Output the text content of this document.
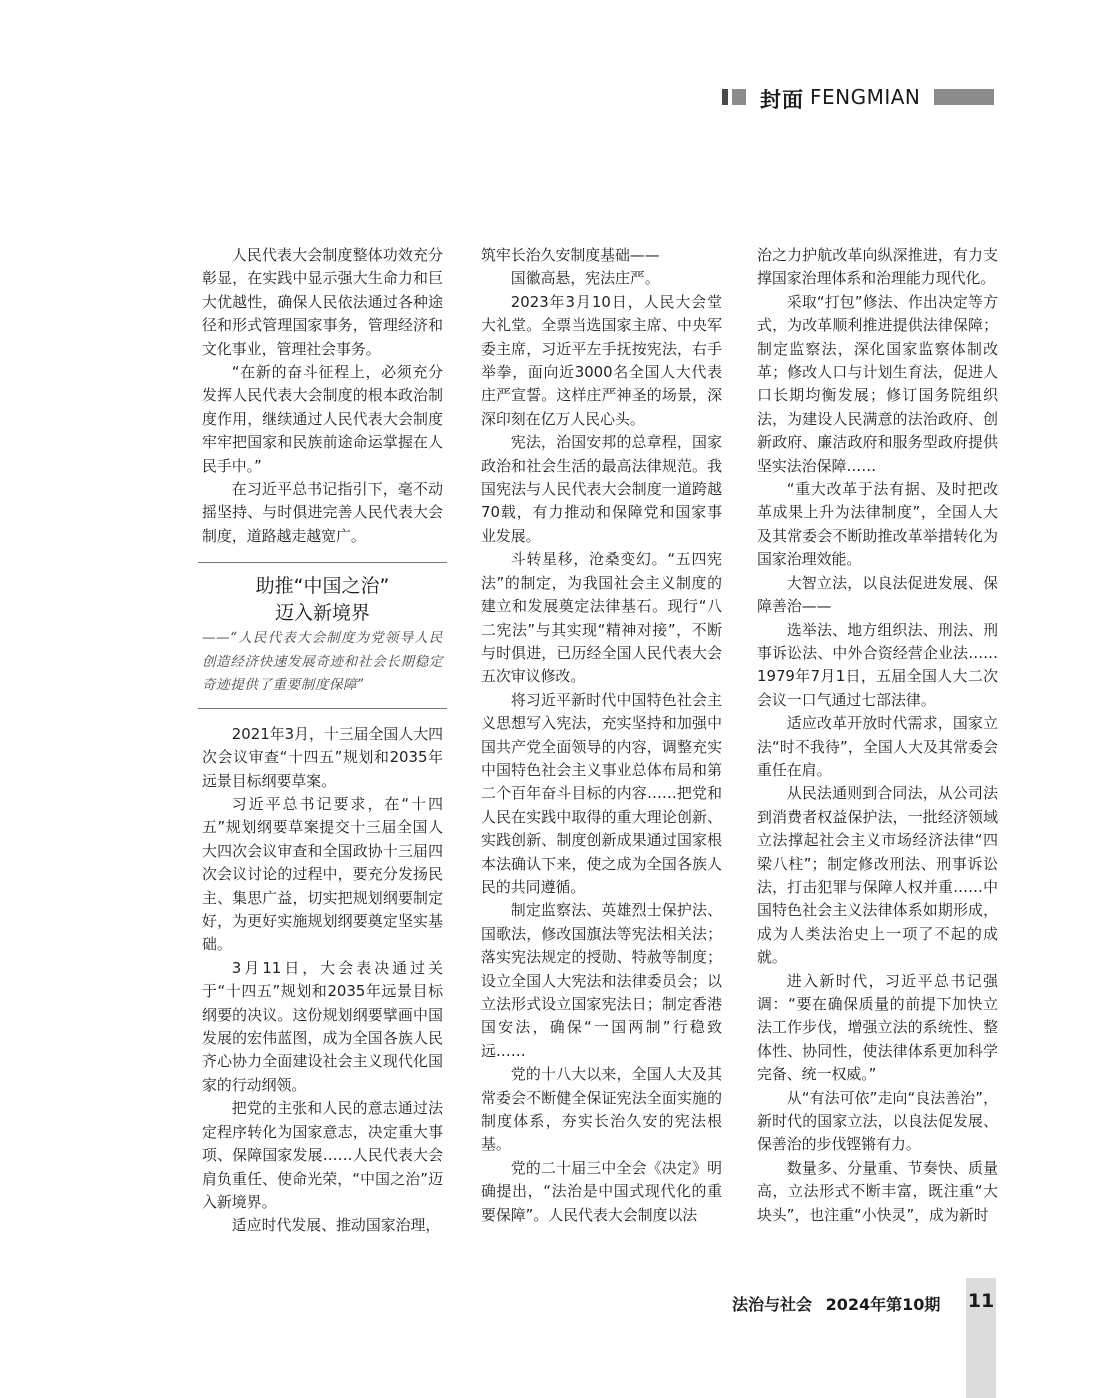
封面 FENGMIAN

人民代表大会制度整体功效充分彰显，在实践中显示强大生命力和巨大优越性，确保人民依法通过各种途径和形式管理国家事务，管理经济和文化事业，管理社会事务。

“在新的奋斗征程上，必须充分发挥人民代表大会制度的根本政治制度作用，继续通过人民代表大会制度牢牢把国家和民族前途命运掌握在人民手中。”

在习近平总书记指引下，毫不动摇坚持、与时俱进完善人民代表大会制度，道路越走越宽广。

助推“中国之治”
迈入新境界
——“人民代表大会制度为党领导人民创造经济快速发展奇迹和社会长期稳定奇迹提供了重要制度保障”

2021年3月，十三届全国人大四次会议审查“十四五”规划和2035年远景目标纲要草案。

习近平总书记要求，在“十四五”规划纲要草案提交十三届全国人大四次会议审查和全国政协十三届四次会议讨论的过程中，要充分发扬民主、集思广益，切实把规划纲要制定好，为更好实施规划纲要奠定坚实基础。

3月11日，大会表决通过关于“十四五”规划和2035年远景目标纲要的决议。这份规划纲要擘画中国发展的宏伟蓝图，成为全国各族人民齐心协力全面建设社会主义现代化国家的行动纲领。

把党的主张和人民的意志通过法定程序转化为国家意志，决定重大事项、保障国家发展……人民代表大会肩负重任、使命光荣，“中国之治”迈入新境界。

适应时代发展、推动国家治理，

筑牢长治久安制度基础——

国徽高悬，宪法庄严。

2023年3月10日，人民大会堂大礼堂。全票当选国家主席、中央军委主席，习近平左手抚按宪法，右手举拳，面向近3000名全国人大代表庄严宣誓。这样庄严神圣的场景，深深印刻在亿万人民心头。

宪法，治国安邦的总章程，国家政治和社会生活的最高法律规范。我国宪法与人民代表大会制度一道跨越70载，有力推动和保障党和国家事业发展。

斗转星移，沧桑变幻。“五四宪法”的制定，为我国社会主义制度的建立和发展奠定法律基石。现行“八二宪法”与其实现“精神对接”，不断与时俱进，已历经全国人民代表大会五次审议修改。

将习近平新时代中国特色社会主义思想写入宪法，充实坚持和加强中国共产党全面领导的内容，调整充实中国特色社会主义事业总体布局和第二个百年奋斗目标的内容……把党和人民在实践中取得的重大理论创新、实践创新、制度创新成果通过国家根本法确认下来，使之成为全国各族人民的共同遵循。

制定监察法、英雄烈士保护法、国歌法，修改国旗法等宪法相关法；落实宪法规定的授勋、特赦等制度；设立全国人大宪法和法律委员会；以立法形式设立国家宪法日；制定香港国安法，确保“一国两制”行稳致远……

党的十八大以来，全国人大及其常委会不断健全保证宪法全面实施的制度体系，夯实长治久安的宪法根基。

党的二十届三中全会《决定》明确提出，“法治是中国式现代化的重要保障”。人民代表大会制度以法

治之力护航改革向纵深推进，有力支撑国家治理体系和治理能力现代化。

采取“打包”修法、作出决定等方式，为改革顺利推进提供法律保障；制定监察法，深化国家监察体制改革；修改人口与计划生育法，促进人口长期均衡发展；修订国务院组织法，为建设人民满意的法治政府、创新政府、廉洁政府和服务型政府提供坚实法治保障……

“重大改革于法有据、及时把改革成果上升为法律制度”，全国人大及其常委会不断助推改革举措转化为国家治理效能。

大智立法，以良法促进发展、保障善治——

选举法、地方组织法、刑法、刑事诉讼法、中外合资经营企业法……1979年7月1日，五届全国人大二次会议一口气通过七部法律。

适应改革开放时代需求，国家立法“时不我待”，全国人大及其常委会重任在肩。

从民法通则到合同法，从公司法到消费者权益保护法，一批经济领域立法撑起社会主义市场经济法律“四梁八柱”；制定修改刑法、刑事诉讼法，打击犯罪与保障人权并重……中国特色社会主义法律体系如期形成，成为人类法治史上一项了不起的成就。

进入新时代，习近平总书记强调：“要在确保质量的前提下加快立法工作步伐，增强立法的系统性、整体性、协同性，使法律体系更加科学完备、统一权威。”

从“有法可依”走向“良法善治”，新时代的国家立法，以良法促发展、保善治的步伐铿锵有力。

数量多、分量重、节奏快、质量高，立法形式不断丰富，既注重“大块头”，也注重“小快灵”，成为新时

法治与社会 2024年第10期 11
